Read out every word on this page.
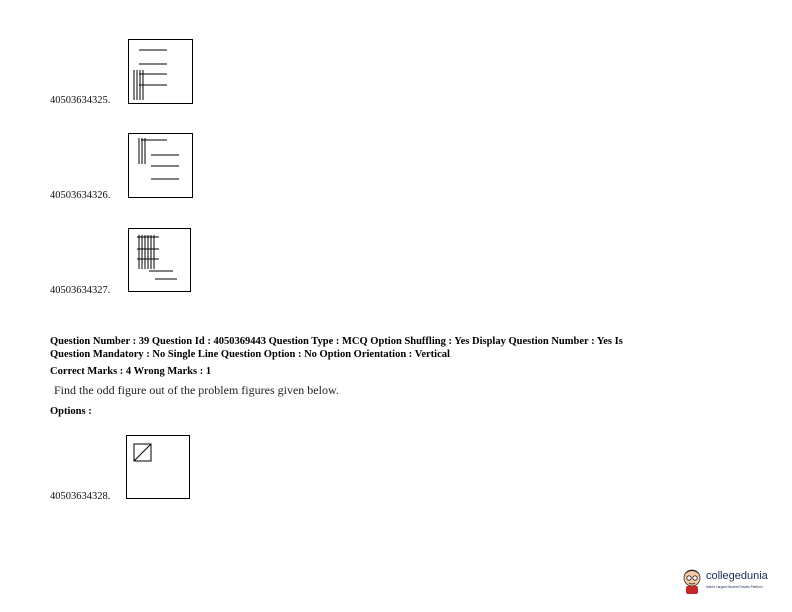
40503634325.
40503634326.
40503634327.
Question Number : 39 Question Id : 4050369443 Question Type : MCQ Option Shuffling : Yes Display Question Number : Yes Is
Question Mandatory : No Single Line Question Option : No Option Orientation : Vertical
Correct Marks : 4 Wrong Marks : 1
Find the odd figure out of the problem figures given below.
Options :
40503634328.
collegedunia
India's Largest Student Review Platform
